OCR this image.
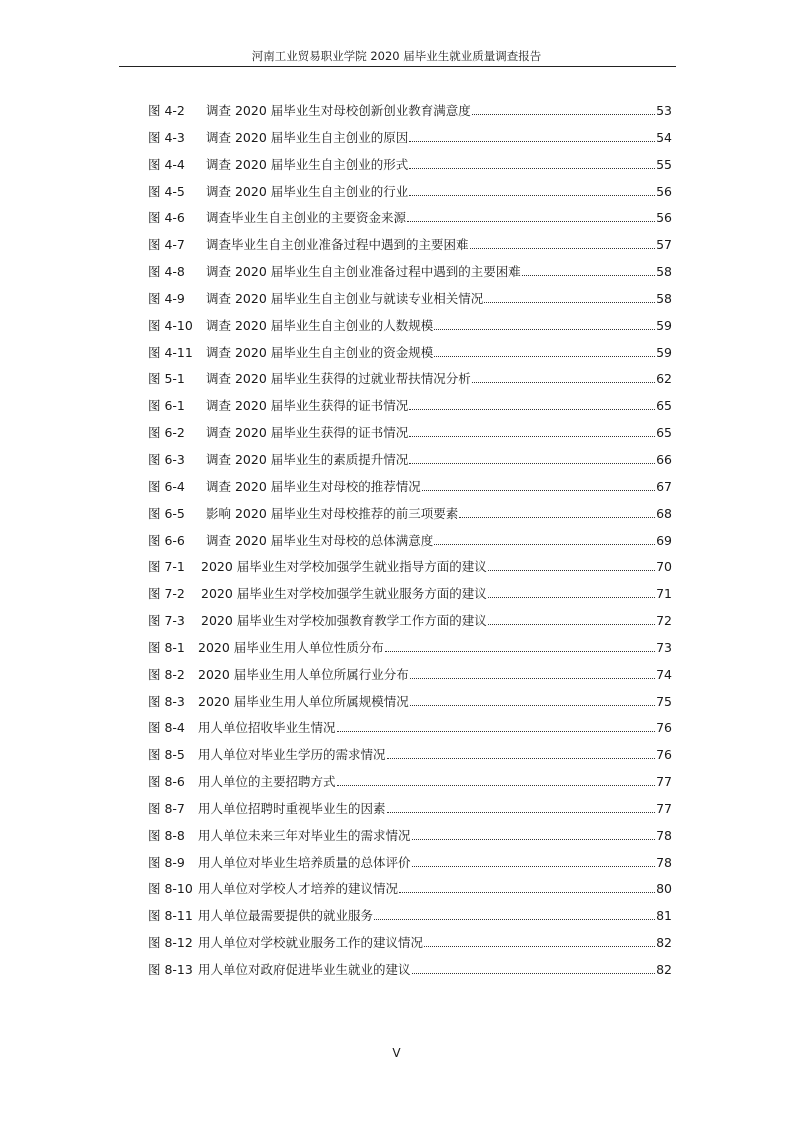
河南工业贸易职业学院 2020 届毕业生就业质量调查报告
图 4-2	调查 2020 届毕业生对母校创新创业教育满意度	53
图 4-3	调查 2020 届毕业生自主创业的原因	54
图 4-4	调查 2020 届毕业生自主创业的形式	55
图 4-5	调查 2020 届毕业生自主创业的行业	56
图 4-6	调查毕业生自主创业的主要资金来源	56
图 4-7	调查毕业生自主创业准备过程中遇到的主要困难	57
图 4-8	调查 2020 届毕业生自主创业准备过程中遇到的主要困难	58
图 4-9	调查 2020 届毕业生自主创业与就读专业相关情况	58
图 4-10	调查 2020 届毕业生自主创业的人数规模	59
图 4-11	调查 2020 届毕业生自主创业的资金规模	59
图 5-1	调查 2020 届毕业生获得的过就业帮扶情况分析	62
图 6-1	调查 2020 届毕业生获得的证书情况	65
图 6-2	调查 2020 届毕业生获得的证书情况	65
图 6-3	调查 2020 届毕业生的素质提升情况	66
图 6-4	调查 2020 届毕业生对母校的推荐情况	67
图 6-5	影响 2020 届毕业生对母校推荐的前三项要素	68
图 6-6	调查 2020 届毕业生对母校的总体满意度	69
图 7-1	2020 届毕业生对学校加强学生就业指导方面的建议	70
图 7-2	2020 届毕业生对学校加强学生就业服务方面的建议	71
图 7-3	2020 届毕业生对学校加强教育教学工作方面的建议	72
图 8-1	2020 届毕业生用人单位性质分布	73
图 8-2	2020 届毕业生用人单位所属行业分布	74
图 8-3	2020 届毕业生用人单位所属规模情况	75
图 8-4	用人单位招收毕业生情况	76
图 8-5	用人单位对毕业生学历的需求情况	76
图 8-6	用人单位的主要招聘方式	77
图 8-7	用人单位招聘时重视毕业生的因素	77
图 8-8	用人单位未来三年对毕业生的需求情况	78
图 8-9	用人单位对毕业生培养质量的总体评价	78
图 8-10 用人单位对学校人才培养的建议情况	80
图 8-11 用人单位最需要提供的就业服务	81
图 8-12 用人单位对学校就业服务工作的建议情况	82
图 8-13 用人单位对政府促进毕业生就业的建议	82
V
